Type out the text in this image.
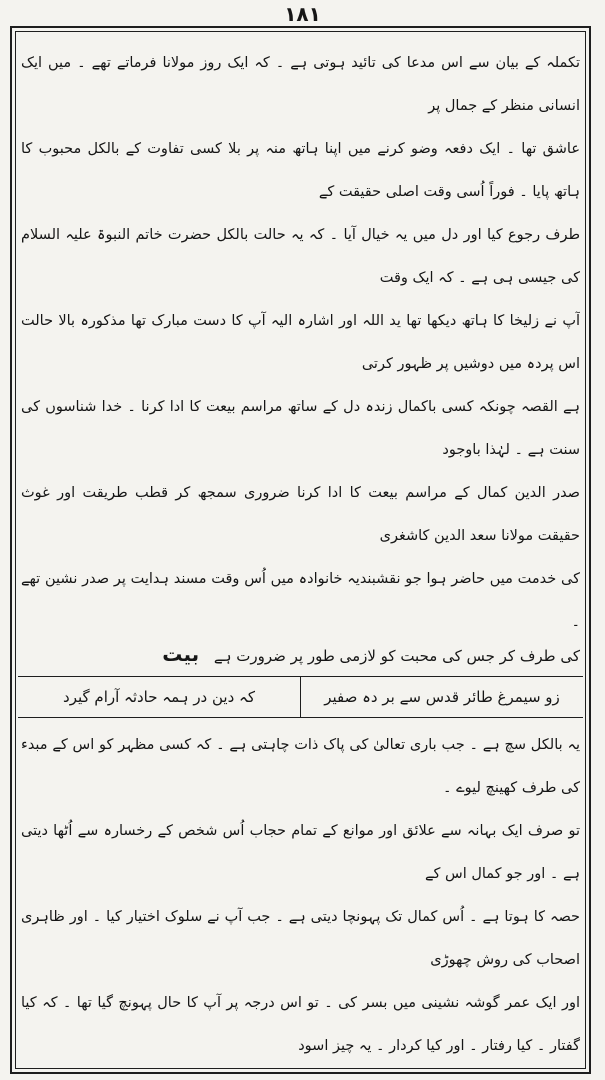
۱۸۱
تکملہ کے بیان سے اس مدعا کی تائید ہوتی ہے ۔ کہ ایک روز مولانا فرماتے تھے ۔ میں ایک انسانی منظر کے جمال پر
عاشق تھا ۔ ایک دفعہ وضو کرنے میں اپنا ہاتھ منہ پر بلا کسی تفاوت کے بالکل محبوب کا ہاتھ پایا ۔ فوراً اُسی وقت اصلی حقیقت کے
طرف رجوع کیا اور دل میں یہ خیال آیا ۔ کہ یہ حالت بالکل حضرت خاتم النبوۃ علیہ السلام کی جیسی ہی ہے ۔ کہ ایک وقت
آپ نے زلیخا کا ہاتھ دیکھا تھا ید اللہ اور اشارہ الیہ آپ کا دست مبارک تھا مذکورہ بالا حالت اس پردہ میں دوشیں پر ظہور کرتی
ہے القصہ چونکہ کسی باکمال زندہ دل کے ساتھ مراسم بیعت کا ادا کرنا ۔ خدا شناسوں کی سنت ہے ۔ لہٰذا باوجود
صدر الدین کمال کے مراسم بیعت کا ادا کرنا ضروری سمجھ کر قطب طریقت اور غوث حقیقت مولانا سعد الدین کاشغری
کی خدمت میں حاضر ہوا جو نقشبندیہ خانوادہ میں اُس وقت مسند ہدایت پر صدر نشین تھے ۔
کی طرف کر جس کی محبت کو لازمی طور پر ضرورت ہے بیت
زو سیمرغ طائر قدس سے بر دہ صفیر
کہ دین در ہمہ حادثہ آرام گیرد
یہ بالکل سچ ہے ۔ جب باری تعالیٰ کی پاک ذات چاہتی ہے ۔ کہ کسی مظہر کو اس کے مبدء کی طرف کھینچ لیوے ۔
تو صرف ایک بہانہ سے علائق اور موانع کے تمام حجاب اُس شخص کے رخسارہ سے اُٹھا دیتی ہے ۔ اور جو کمال اس کے
حصہ کا ہوتا ہے ۔ اُس کمال تک پہونچا دیتی ہے ۔ جب آپ نے سلوک اختیار کیا ۔ اور ظاہری اصحاب کی روش چھوڑی
اور ایک عمر گوشہ نشینی میں بسر کی ۔ تو اس درجہ پر آپ کا حال پہونچ گیا تھا ۔ کہ کیا گفتار ۔ کیا رفتار ۔ اور کیا کردار ۔ یہ چیز اسود
